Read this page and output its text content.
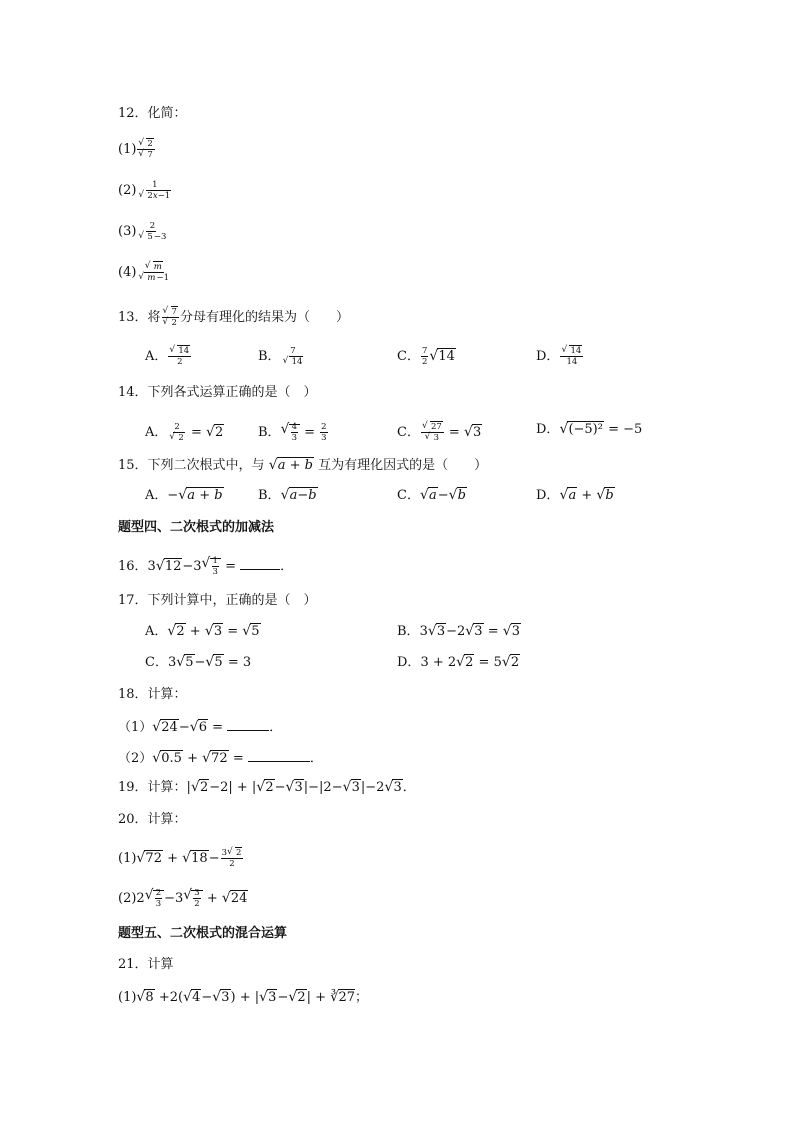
12．化简：
(1) √ 2
√ 7
(2) 1
√ 2x−1
(3) 2
√ 5−3
(4) √ m
√ m−1
13．将 √ 7
√ 2 分母有理化的结果为（　　）
A． √ $\frac{14}{2}$	B． 7
√ 14	C． $\frac{7}{2}$ √ 14	D． √ $\frac{14}{14}$
14．下列各式运算正确的是（　）
A． 2
√ 2 = √ 2	B． √ $\frac{4}{3} = \frac{2}{3}$	C． √ 27
√ 3 = √ 3	D． √ (−5)² = −5
15．下列二次根式中，与 √ a + b 互为有理化因式的是（　　）
A．− √ a + b	B． √ a−b	C． √ a− √ b	D． √ a + √ b
题型四、二次根式的加减法
16．3 √ 12−3 √ $\frac{1}{3}$ =	．
17．下列计算中，正确的是（　）
A． √ 2 + √ 3 = √ 5	B．3 √ 3−2 √ 3 = √ 3
C．3 √ 5− √ 5 = 3	D．3 + 2 √ 2 = 5 √ 2
18．计算：
（1） √ 24− √ 6 =	．
（2） √ 0.5 + √ 72 =	．
19．计算：| √ 2−2| + | √ 2− √ 3|−|2− √ 3|−2 √ 3．
20．计算：
(1) √ 72 + √ $18- \frac{3 √ 2}{2}$
(2)2 √ $\frac{2}{3} -3$ √ $\frac{3}{2}$ + √ 24
题型五、二次根式的混合运算
21．计算
(1) √ 8 +2( √ 4− √ 3) + | √ 3− √ 2| + ∛27；
